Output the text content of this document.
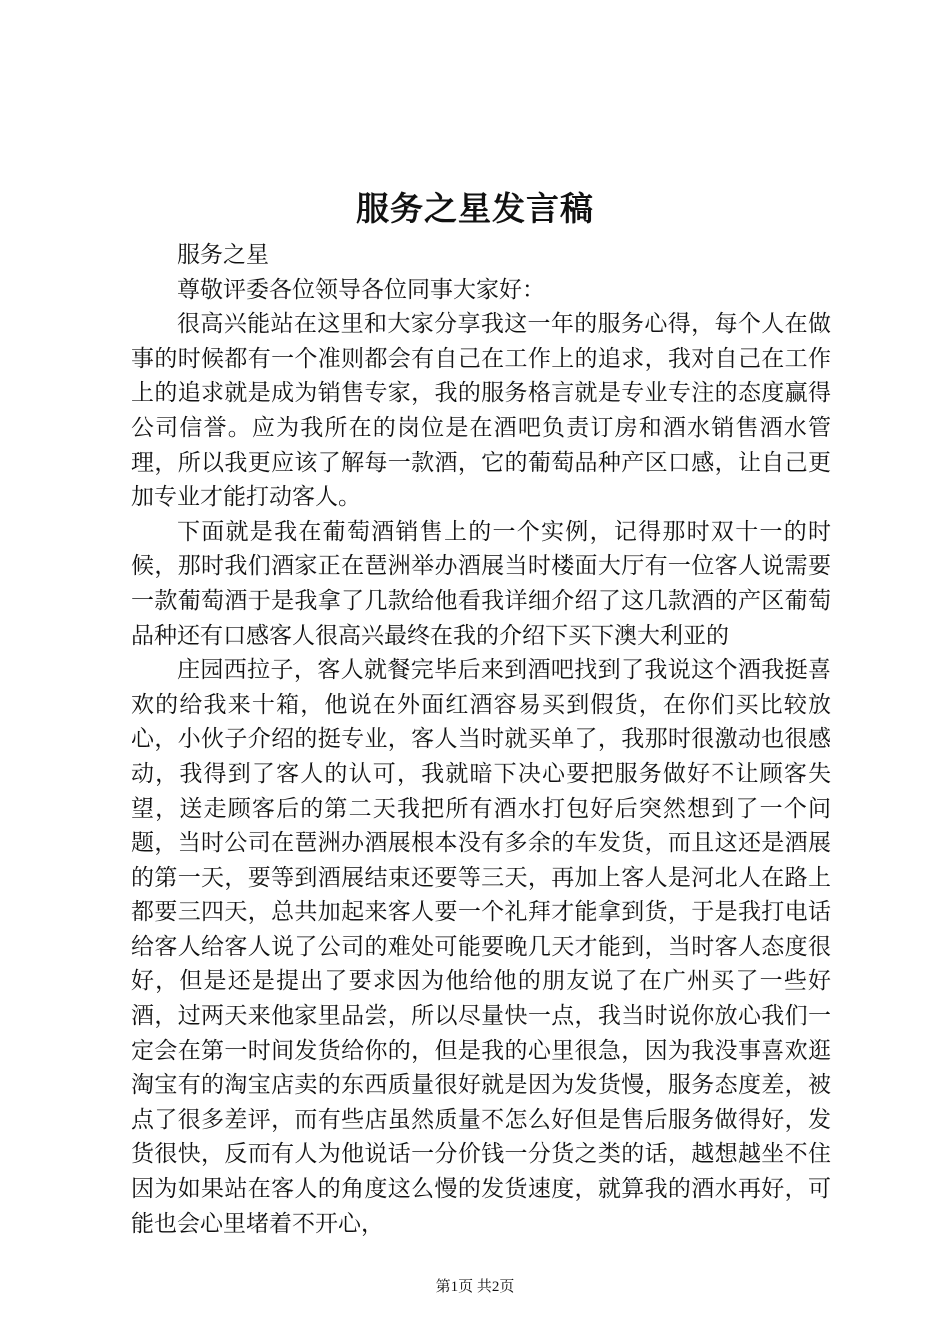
服务之星发言稿

服务之星

尊敬评委各位领导各位同事大家好：

很高兴能站在这里和大家分享我这一年的服务心得，每个人在做事的时候都有一个准则都会有自己在工作上的追求，我对自己在工作上的追求就是成为销售专家，我的服务格言就是专业专注的态度赢得公司信誉。应为我所在的岗位是在酒吧负责订房和酒水销售酒水管理，所以我更应该了解每一款酒，它的葡萄品种产区口感，让自己更加专业才能打动客人。

下面就是我在葡萄酒销售上的一个实例，记得那时双十一的时候，那时我们酒家正在琶洲举办酒展当时楼面大厅有一位客人说需要一款葡萄酒于是我拿了几款给他看我详细介绍了这几款酒的产区葡萄品种还有口感客人很高兴最终在我的介绍下买下澳大利亚的

庄园西拉子，客人就餐完毕后来到酒吧找到了我说这个酒我挺喜欢的给我来十箱，他说在外面红酒容易买到假货，在你们买比较放心，小伙子介绍的挺专业，客人当时就买单了，我那时很激动也很感动，我得到了客人的认可，我就暗下决心要把服务做好不让顾客失望，送走顾客后的第二天我把所有酒水打包好后突然想到了一个问题，当时公司在琶洲办酒展根本没有多余的车发货，而且这还是酒展的第一天，要等到酒展结束还要等三天，再加上客人是河北人在路上都要三四天，总共加起来客人要一个礼拜才能拿到货，于是我打电话给客人给客人说了公司的难处可能要晚几天才能到，当时客人态度很好，但是还是提出了要求因为他给他的朋友说了在广州买了一些好酒，过两天来他家里品尝，所以尽量快一点，我当时说你放心我们一定会在第一时间发货给你的，但是我的心里很急，因为我没事喜欢逛淘宝有的淘宝店卖的东西质量很好就是因为发货慢，服务态度差，被点了很多差评，而有些店虽然质量不怎么好但是售后服务做得好，发货很快，反而有人为他说话一分价钱一分货之类的话，越想越坐不住因为如果站在客人的角度这么慢的发货速度，就算我的酒水再好，可能也会心里堵着不开心，

第1页 共2页
